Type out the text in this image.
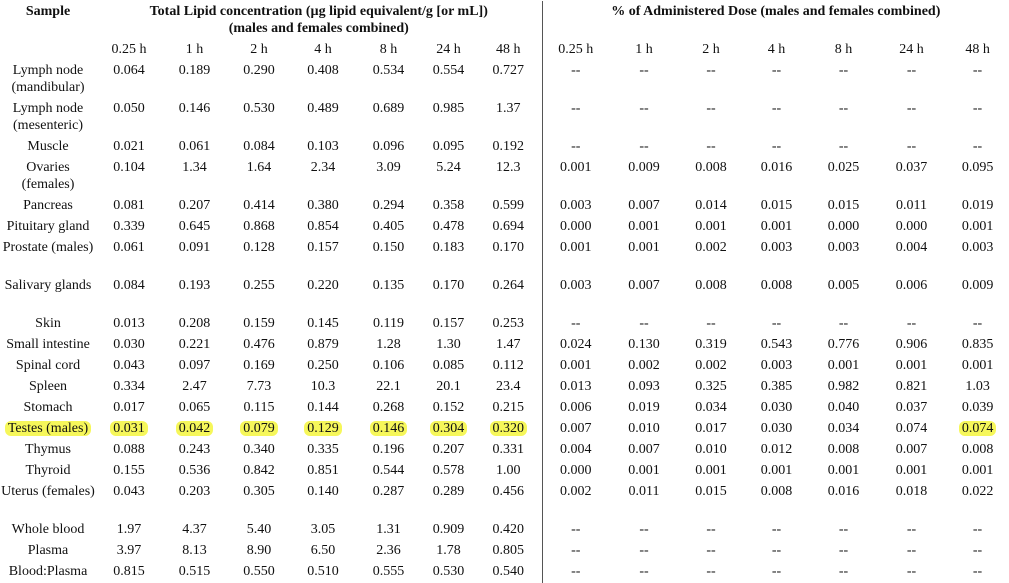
Sample	Total Lipid concentration (µg lipid equivalent/g [or mL])
(males and females combined)							% of Administered Dose (males and females combined)						
	0.25 h	1 h	2 h	4 h	8 h	24 h	48 h	0.25 h	1 h	2 h	4 h	8 h	24 h	48 h
Lymph node (mandibular)	0.064	0.189	0.290	0.408	0.534	0.554	0.727	--	--	--	--	--	--	--
Lymph node (mesenteric)	0.050	0.146	0.530	0.489	0.689	0.985	1.37	--	--	--	--	--	--	--
Muscle	0.021	0.061	0.084	0.103	0.096	0.095	0.192	--	--	--	--	--	--	--
Ovaries (females)	0.104	1.34	1.64	2.34	3.09	5.24	12.3	0.001	0.009	0.008	0.016	0.025	0.037	0.095
Pancreas	0.081	0.207	0.414	0.380	0.294	0.358	0.599	0.003	0.007	0.014	0.015	0.015	0.011	0.019
Pituitary gland	0.339	0.645	0.868	0.854	0.405	0.478	0.694	0.000	0.001	0.001	0.001	0.000	0.000	0.001
Prostate (males)	0.061	0.091	0.128	0.157	0.150	0.183	0.170	0.001	0.001	0.002	0.003	0.003	0.004	0.003
Salivary glands	0.084	0.193	0.255	0.220	0.135	0.170	0.264	0.003	0.007	0.008	0.008	0.005	0.006	0.009
Skin	0.013	0.208	0.159	0.145	0.119	0.157	0.253	--	--	--	--	--	--	--
Small intestine	0.030	0.221	0.476	0.879	1.28	1.30	1.47	0.024	0.130	0.319	0.543	0.776	0.906	0.835
Spinal cord	0.043	0.097	0.169	0.250	0.106	0.085	0.112	0.001	0.002	0.002	0.003	0.001	0.001	0.001
Spleen	0.334	2.47	7.73	10.3	22.1	20.1	23.4	0.013	0.093	0.325	0.385	0.982	0.821	1.03
Stomach	0.017	0.065	0.115	0.144	0.268	0.152	0.215	0.006	0.019	0.034	0.030	0.040	0.037	0.039
Testes (males)	0.031	0.042	0.079	0.129	0.146	0.304	0.320	0.007	0.010	0.017	0.030	0.034	0.074	0.074
Thymus	0.088	0.243	0.340	0.335	0.196	0.207	0.331	0.004	0.007	0.010	0.012	0.008	0.007	0.008
Thyroid	0.155	0.536	0.842	0.851	0.544	0.578	1.00	0.000	0.001	0.001	0.001	0.001	0.001	0.001
Uterus (females)	0.043	0.203	0.305	0.140	0.287	0.289	0.456	0.002	0.011	0.015	0.008	0.016	0.018	0.022
Whole blood	1.97	4.37	5.40	3.05	1.31	0.909	0.420	--	--	--	--	--	--	--
Plasma	3.97	8.13	8.90	6.50	2.36	1.78	0.805	--	--	--	--	--	--	--
Blood:Plasma	0.815	0.515	0.550	0.510	0.555	0.530	0.540	--	--	--	--	--	--	--
